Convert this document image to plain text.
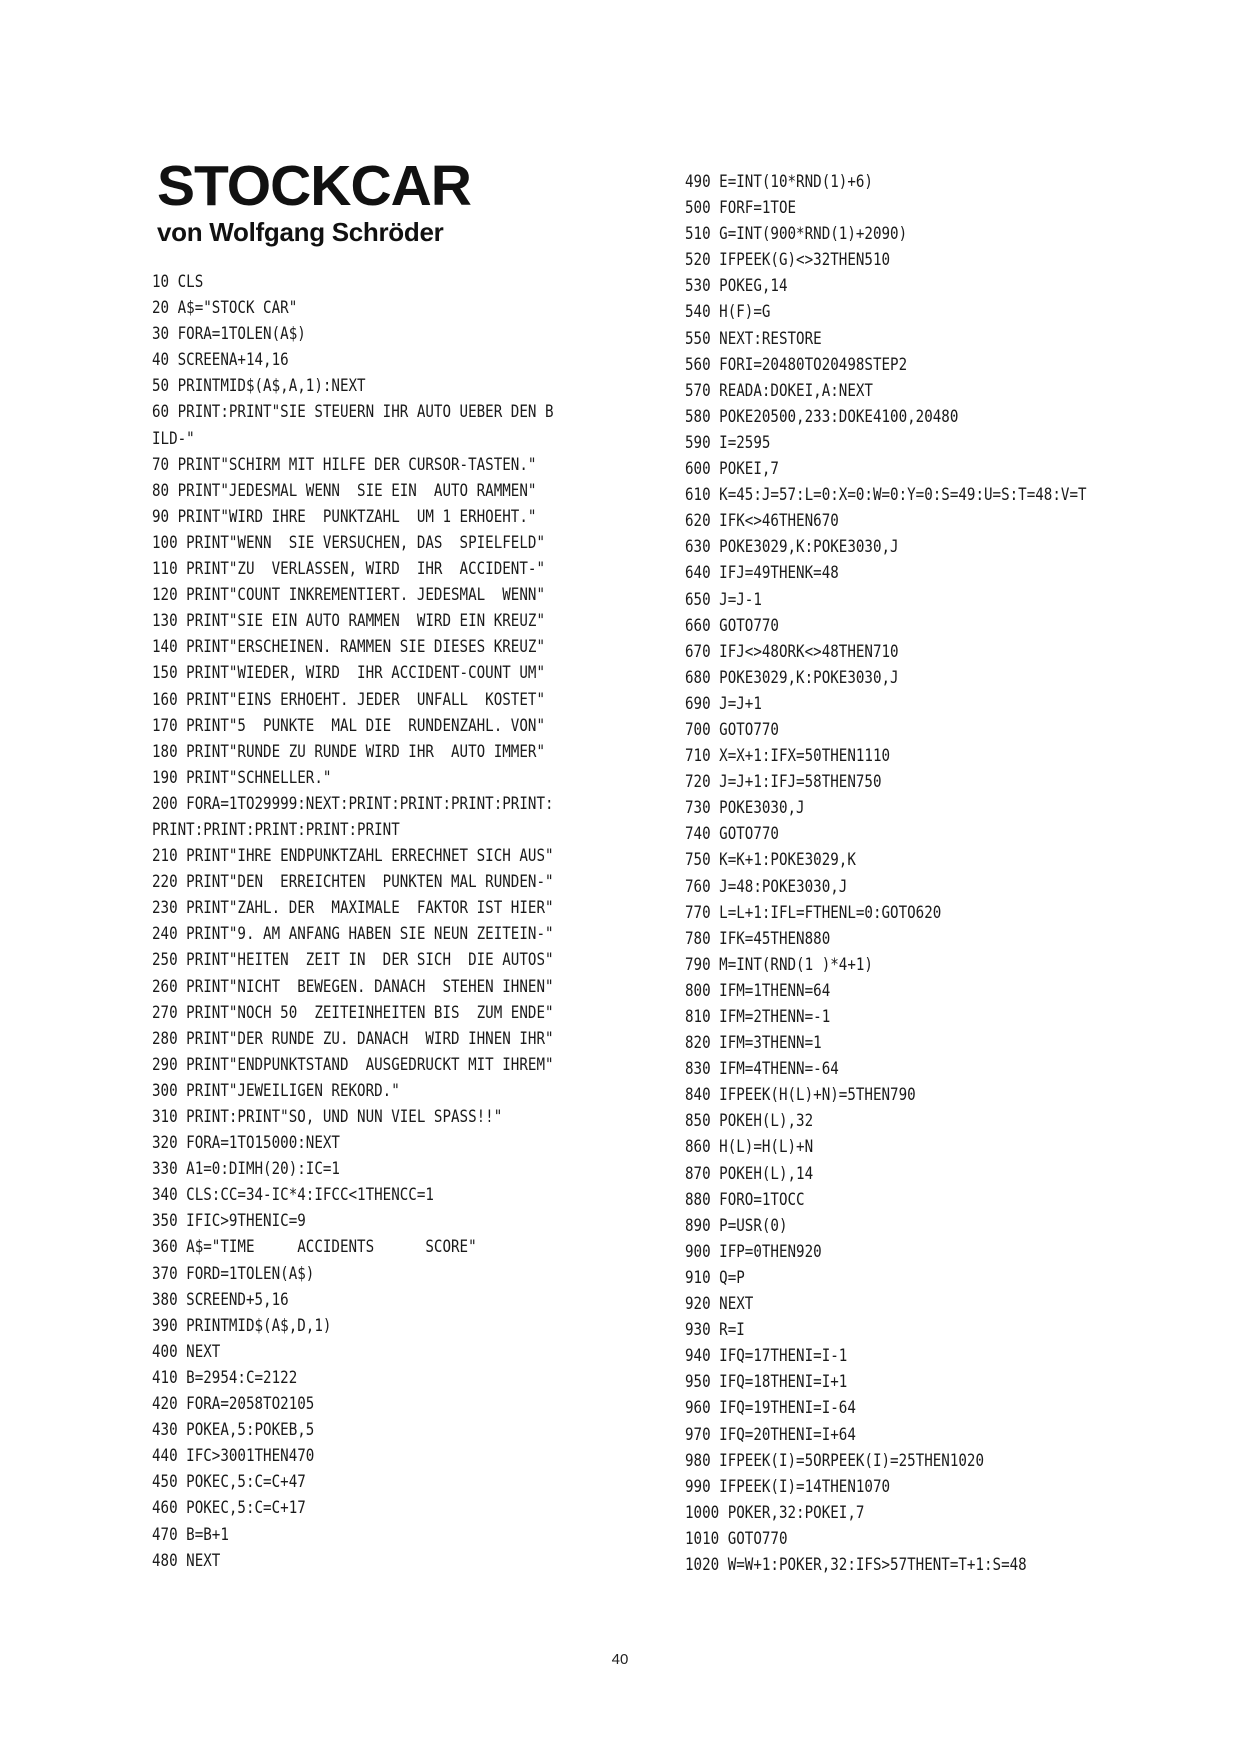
STOCKCAR
von Wolfgang Schröder
10 CLS
20 A$="STOCK CAR"
30 FORA=1TOLEN(A$)
40 SCREENA+14,16
50 PRINTMID$(A$,A,1):NEXT
60 PRINT:PRINT"SIE STEUERN IHR AUTO UEBER DEN B
ILD-"
70 PRINT"SCHIRM MIT HILFE DER CURSOR-TASTEN."
80 PRINT"JEDESMAL WENN  SIE EIN  AUTO RAMMEN"
90 PRINT"WIRD IHRE  PUNKTZAHL  UM 1 ERHOEHT."
100 PRINT"WENN  SIE VERSUCHEN, DAS  SPIELFELD"
110 PRINT"ZU  VERLASSEN, WIRD  IHR  ACCIDENT-"
120 PRINT"COUNT INKREMENTIERT. JEDESMAL  WENN"
130 PRINT"SIE EIN AUTO RAMMEN  WIRD EIN KREUZ"
140 PRINT"ERSCHEINEN. RAMMEN SIE DIESES KREUZ"
150 PRINT"WIEDER, WIRD  IHR ACCIDENT-COUNT UM"
160 PRINT"EINS ERHOEHT. JEDER  UNFALL  KOSTET"
170 PRINT"5  PUNKTE  MAL DIE  RUNDENZAHL. VON"
180 PRINT"RUNDE ZU RUNDE WIRD IHR  AUTO IMMER"
190 PRINT"SCHNELLER."
200 FORA=1TO29999:NEXT:PRINT:PRINT:PRINT:PRINT:
PRINT:PRINT:PRINT:PRINT:PRINT
210 PRINT"IHRE ENDPUNKTZAHL ERRECHNET SICH AUS"
220 PRINT"DEN  ERREICHTEN  PUNKTEN MAL RUNDEN-"
230 PRINT"ZAHL. DER  MAXIMALE  FAKTOR IST HIER"
240 PRINT"9. AM ANFANG HABEN SIE NEUN ZEITEIN-"
250 PRINT"HEITEN  ZEIT IN  DER SICH  DIE AUTOS"
260 PRINT"NICHT  BEWEGEN. DANACH  STEHEN IHNEN"
270 PRINT"NOCH 50  ZEITEINHEITEN BIS  ZUM ENDE"
280 PRINT"DER RUNDE ZU. DANACH  WIRD IHNEN IHR"
290 PRINT"ENDPUNKTSTAND  AUSGEDRUCKT MIT IHREM"
300 PRINT"JEWEILIGEN REKORD."
310 PRINT:PRINT"SO, UND NUN VIEL SPASS!!"
320 FORA=1TO15000:NEXT
330 A1=0:DIMH(20):IC=1
340 CLS:CC=34-IC*4:IFCC<1THENCC=1
350 IFIC>9THENIC=9
360 A$="TIME     ACCIDENTS      SCORE"
370 FORD=1TOLEN(A$)
380 SCREEND+5,16
390 PRINTMID$(A$,D,1)
400 NEXT
410 B=2954:C=2122
420 FORA=2058TO2105
430 POKEA,5:POKEB,5
440 IFC>3001THEN470
450 POKEC,5:C=C+47
460 POKEC,5:C=C+17
470 B=B+1
480 NEXT
490 E=INT(10*RND(1)+6)
500 FORF=1TOE
510 G=INT(900*RND(1)+2090)
520 IFPEEK(G)<>32THEN510
530 POKEG,14
540 H(F)=G
550 NEXT:RESTORE
560 FORI=20480TO20498STEP2
570 READA:DOKEI,A:NEXT
580 POKE20500,233:DOKE4100,20480
590 I=2595
600 POKEI,7
610 K=45:J=57:L=0:X=0:W=0:Y=0:S=49:U=S:T=48:V=T
620 IFK<>46THEN670
630 POKE3029,K:POKE3030,J
640 IFJ=49THENK=48
650 J=J-1
660 GOTO770
670 IFJ<>48ORK<>48THEN710
680 POKE3029,K:POKE3030,J
690 J=J+1
700 GOTO770
710 X=X+1:IFX=50THEN1110
720 J=J+1:IFJ=58THEN750
730 POKE3030,J
740 GOTO770
750 K=K+1:POKE3029,K
760 J=48:POKE3030,J
770 L=L+1:IFL=FTHENL=0:GOTO620
780 IFK=45THEN880
790 M=INT(RND(1 )*4+1)
800 IFM=1THENN=64
810 IFM=2THENN=-1
820 IFM=3THENN=1
830 IFM=4THENN=-64
840 IFPEEK(H(L)+N)=5THEN790
850 POKEH(L),32
860 H(L)=H(L)+N
870 POKEH(L),14
880 FORO=1TOCC
890 P=USR(0)
900 IFP=0THEN920
910 Q=P
920 NEXT
930 R=I
940 IFQ=17THENI=I-1
950 IFQ=18THENI=I+1
960 IFQ=19THENI=I-64
970 IFQ=20THENI=I+64
980 IFPEEK(I)=5ORPEEK(I)=25THEN1020
990 IFPEEK(I)=14THEN1070
1000 POKER,32:POKEI,7
1010 GOTO770
1020 W=W+1:POKER,32:IFS>57THENT=T+1:S=48
40
